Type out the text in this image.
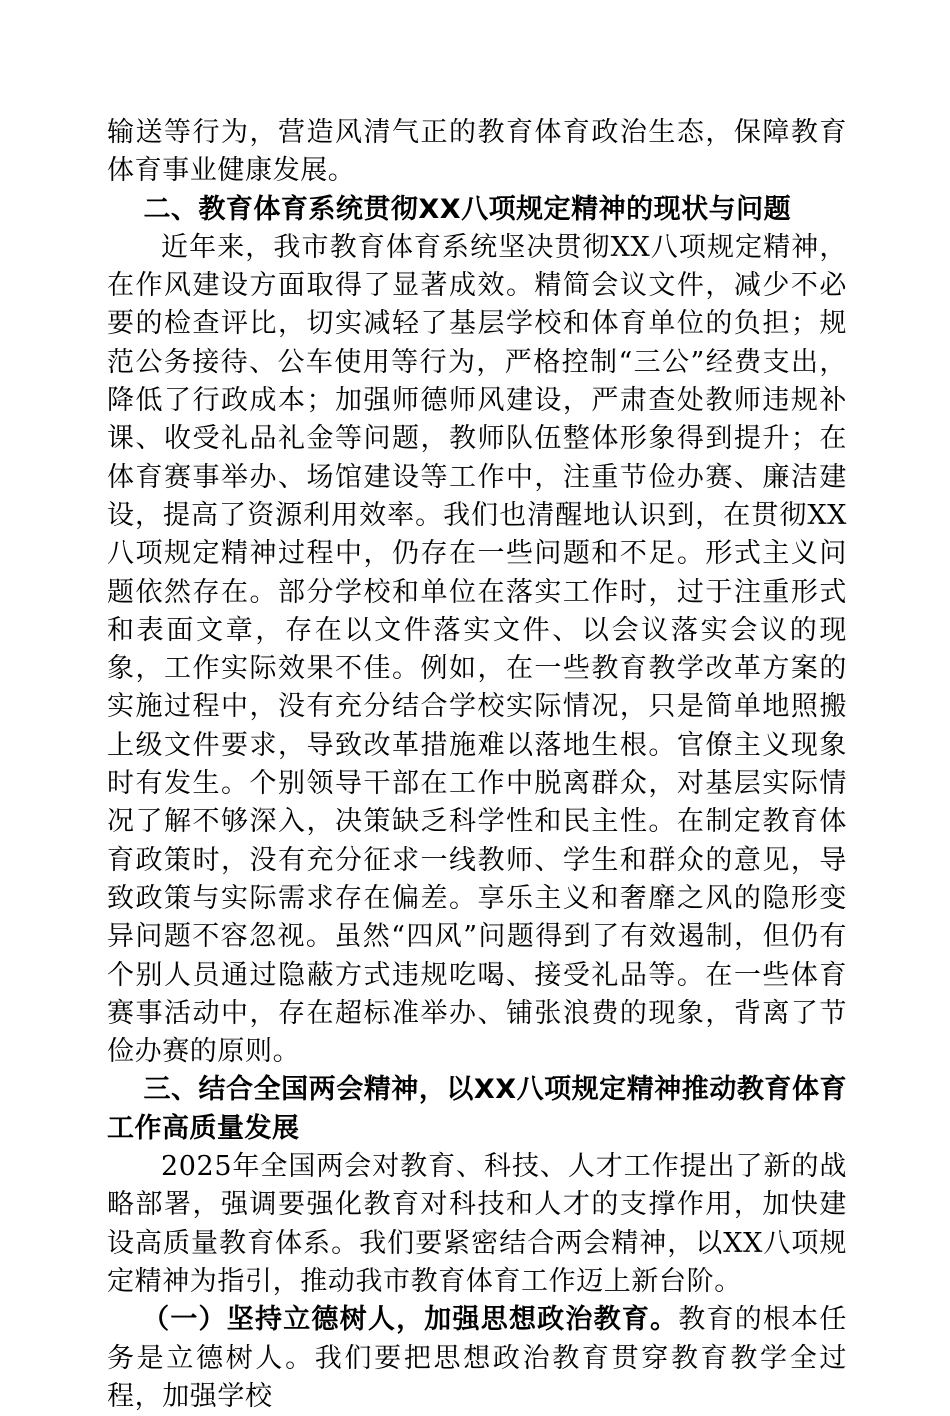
输送等行为，营造风清气正的教育体育政治生态，保障教育体育事业健康发展。

二、教育体育系统贯彻XX八项规定精神的现状与问题

近年来，我市教育体育系统坚决贯彻XX八项规定精神，在作风建设方面取得了显著成效。精简会议文件，减少不必要的检查评比，切实减轻了基层学校和体育单位的负担；规范公务接待、公车使用等行为，严格控制“三公”经费支出，降低了行政成本；加强师德师风建设，严肃查处教师违规补课、收受礼品礼金等问题，教师队伍整体形象得到提升；在体育赛事举办、场馆建设等工作中，注重节俭办赛、廉洁建设，提高了资源利用效率。我们也清醒地认识到，在贯彻XX八项规定精神过程中，仍存在一些问题和不足。形式主义问题依然存在。部分学校和单位在落实工作时，过于注重形式和表面文章，存在以文件落实文件、以会议落实会议的现象，工作实际效果不佳。例如，在一些教育教学改革方案的实施过程中，没有充分结合学校实际情况，只是简单地照搬上级文件要求，导致改革措施难以落地生根。官僚主义现象时有发生。个别领导干部在工作中脱离群众，对基层实际情况了解不够深入，决策缺乏科学性和民主性。在制定教育体育政策时，没有充分征求一线教师、学生和群众的意见，导致政策与实际需求存在偏差。享乐主义和奢靡之风的隐形变异问题不容忽视。虽然“四风”问题得到了有效遏制，但仍有个别人员通过隐蔽方式违规吃喝、接受礼品等。在一些体育赛事活动中，存在超标准举办、铺张浪费的现象，背离了节俭办赛的原则。

三、结合全国两会精神，以XX八项规定精神推动教育体育工作高质量发展

2025年全国两会对教育、科技、人才工作提出了新的战略部署，强调要强化教育对科技和人才的支撑作用，加快建设高质量教育体系。我们要紧密结合两会精神，以XX八项规定精神为指引，推动我市教育体育工作迈上新台阶。

（一）坚持立德树人，加强思想政治教育。教育的根本任务是立德树人。我们要把思想政治教育贯穿教育教学全过程，加强学校
